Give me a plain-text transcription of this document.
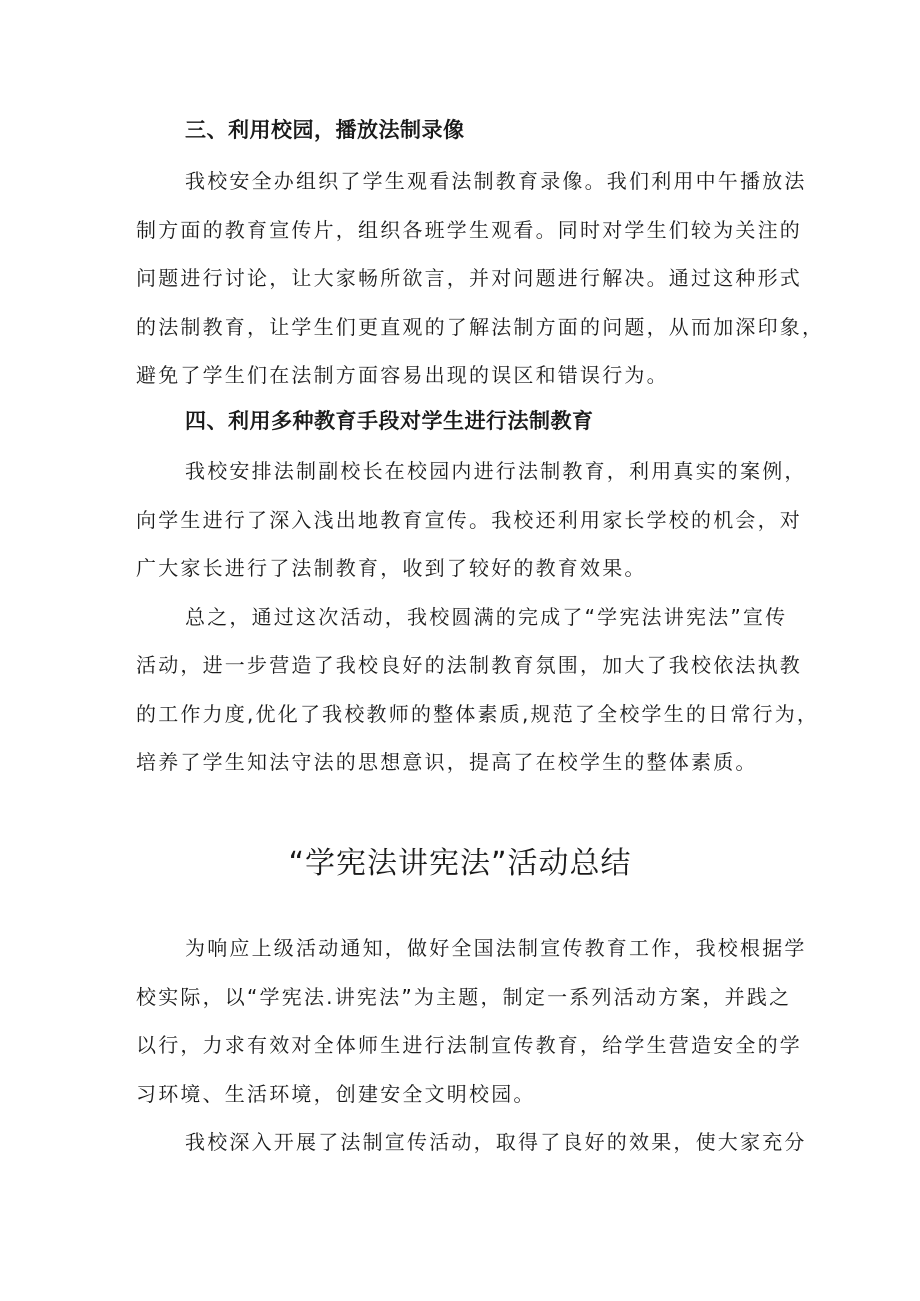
三、利用校园，播放法制录像
我校安全办组织了学生观看法制教育录像。我们利用中午播放法
制方面的教育宣传片，组织各班学生观看。同时对学生们较为关注的
问题进行讨论，让大家畅所欲言，并对问题进行解决。通过这种形式
的法制教育，让学生们更直观的了解法制方面的问题，从而加深印象，
避免了学生们在法制方面容易出现的误区和错误行为。
四、利用多种教育手段对学生进行法制教育
我校安排法制副校长在校园内进行法制教育，利用真实的案例，
向学生进行了深入浅出地教育宣传。我校还利用家长学校的机会，对
广大家长进行了法制教育，收到了较好的教育效果。
总之，通过这次活动，我校圆满的完成了“学宪法讲宪法”宣传
活动，进一步营造了我校良好的法制教育氛围，加大了我校依法执教
的工作力度,优化了我校教师的整体素质,规范了全校学生的日常行为，
培养了学生知法守法的思想意识，提高了在校学生的整体素质。
“学宪法讲宪法”活动总结
为响应上级活动通知，做好全国法制宣传教育工作，我校根据学
校实际，以“学宪法.讲宪法”为主题，制定一系列活动方案，并践之
以行，力求有效对全体师生进行法制宣传教育，给学生营造安全的学
习环境、生活环境，创建安全文明校园。
我校深入开展了法制宣传活动，取得了良好的效果，使大家充分
